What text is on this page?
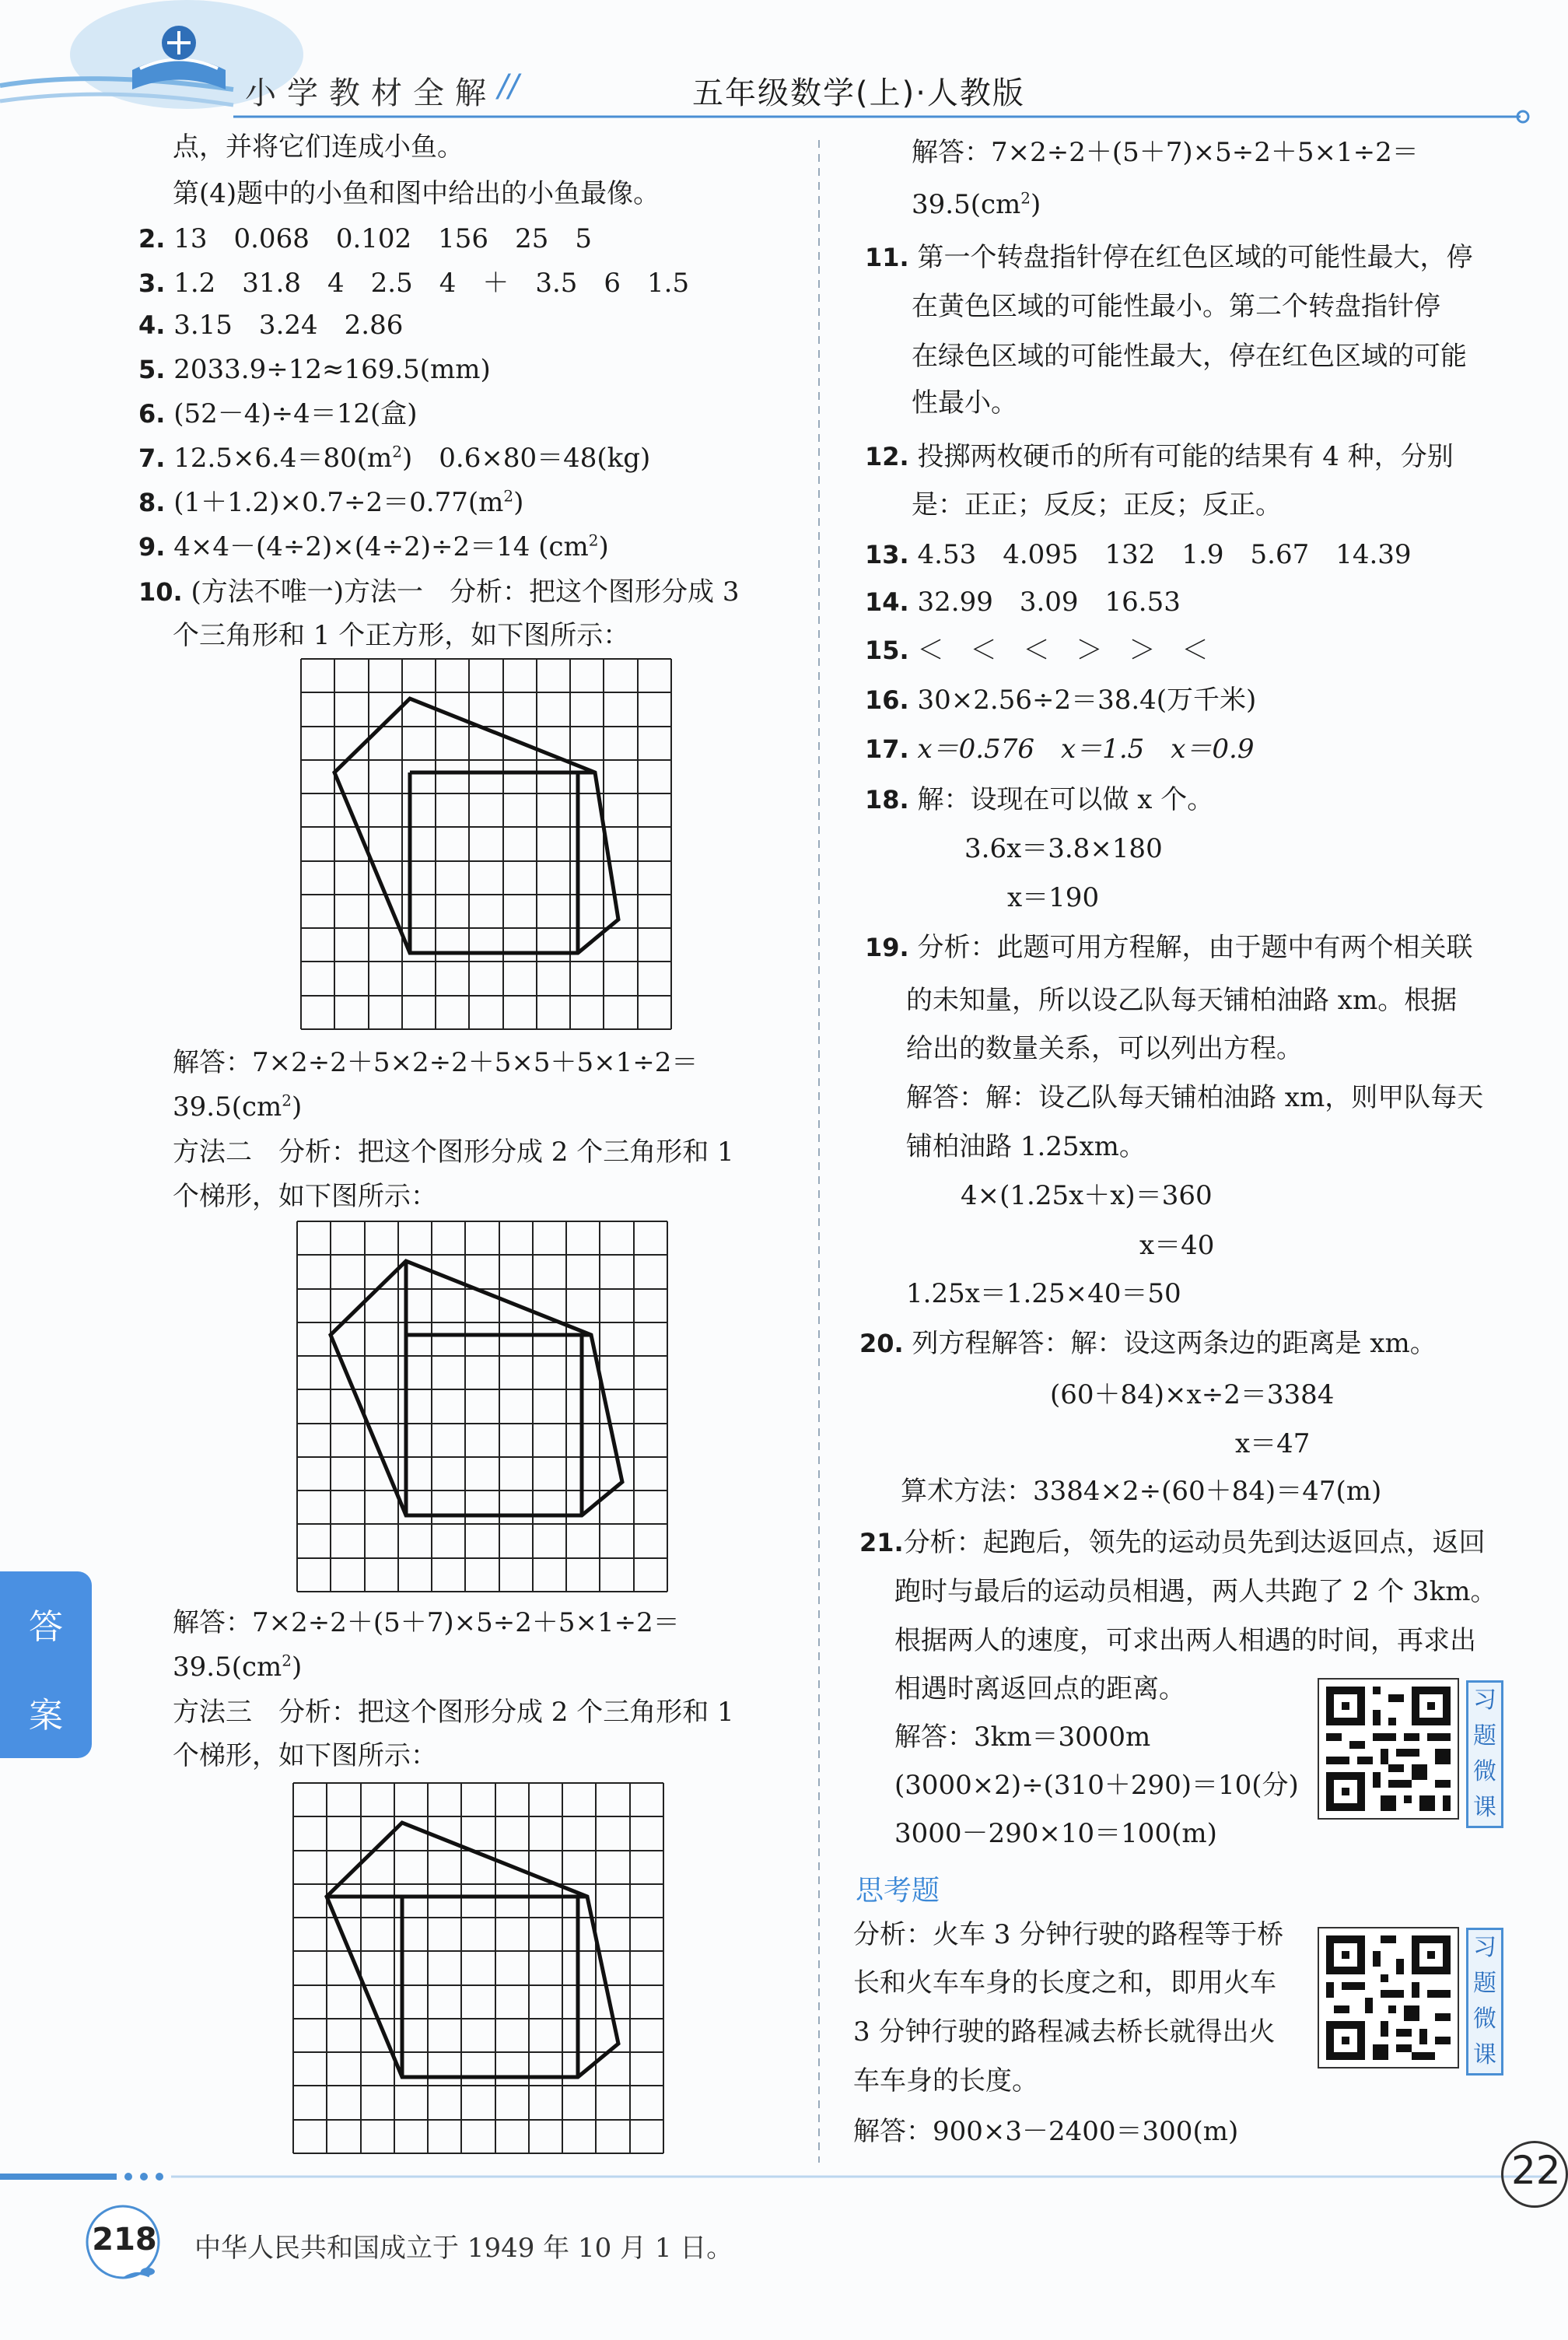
小学教材全解 //	五年级数学(上)·人教版
点，并将它们连成小鱼。
第(4)题中的小鱼和图中给出的小鱼最像。
2. 13　0.068　0.102　156　25　5
3. 1.2　31.8　4　2.5　4　＋　3.5　6　1.5
4. 3.15　3.24　2.86
5. 2033.9÷12≈169.5(mm)
6. (52－4)÷4＝12(盒)
7. $12.5\times 6.4=80(m^2)$　0.6×80＝48(kg)
8. $(1+1.2)\times 0.7\div 2=0.77(m^2)$
9. 4×4－(4÷2)×(4÷2)÷2＝14 $(cm^2)$
10. (方法不唯一)方法一　分析：把这个图形分成 3
个三角形和 1 个正方形，如下图所示：
解答：7×2÷2＋5×2÷2＋5×5＋5×1÷2＝
$39.5(cm^2)$
方法二　分析：把这个图形分成 2 个三角形和 1
个梯形，如下图所示：
解答：7×2÷2＋(5＋7)×5÷2＋5×1÷2＝
$39.5(cm^2)$
方法三　分析：把这个图形分成 2 个三角形和 1
个梯形，如下图所示：
解答：7×2÷2＋(5＋7)×5÷2＋5×1÷2＝
$39.5(cm^2)$
11. 第一个转盘指针停在红色区域的可能性最大，停
在黄色区域的可能性最小。第二个转盘指针停
在绿色区域的可能性最大，停在红色区域的可能
性最小。
12. 投掷两枚硬币的所有可能的结果有 4 种，分别
是：正正；反反；正反；反正。
13. 4.53　4.095　132　1.9　5.67　14.39
14. 32.99　3.09　16.53
15. ＜　＜　＜　＞　＞　＜
16. 30×2.56÷2＝38.4(万千米)
17. x＝0.576　x＝1.5　x＝0.9
18. 解：设现在可以做 x 个。
3.6x＝3.8×180
x＝190
19. 分析：此题可用方程解，由于题中有两个相关联
的未知量，所以设乙队每天铺柏油路 xm。根据
给出的数量关系，可以列出方程。
解答：解：设乙队每天铺柏油路 xm，则甲队每天
铺柏油路 1.25xm。
4×(1.25x＋x)＝360
x＝40
1.25x＝1.25×40＝50
20. 列方程解答：解：设这两条边的距离是 xm。
(60＋84)×x÷2＝3384
x＝47
算术方法：3384×2÷(60＋84)＝47(m)
21.分析：起跑后，领先的运动员先到达返回点，返回
跑时与最后的运动员相遇，两人共跑了 2 个 3km。
根据两人的速度，可求出两人相遇的时间，再求出
相遇时离返回点的距离。
解答：3km＝3000m
(3000×2)÷(310＋290)＝10(分)
3000－290×10＝100(m)
习题微课
思考题
分析：火车 3 分钟行驶的路程等于桥
长和火车车身的长度之和，即用火车
3 分钟行驶的路程减去桥长就得出火
车车身的长度。
解答：900×3－2400＝300(m)
习题微课
答
案
218 中华人民共和国成立于 1949 年 10 月 1 日。
22
